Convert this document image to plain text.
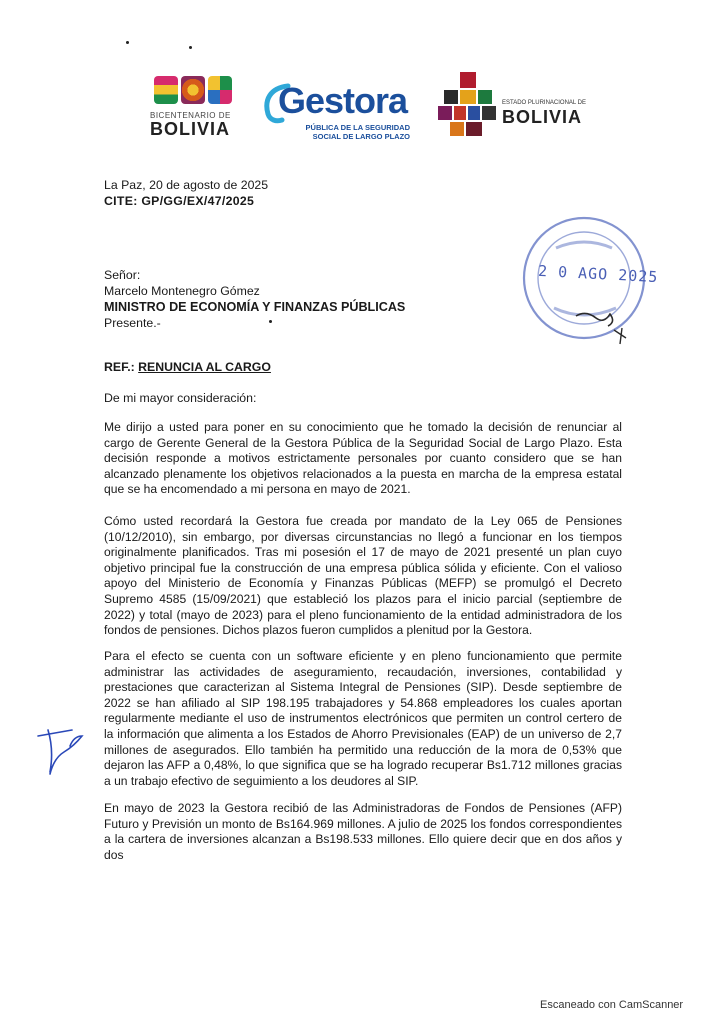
BICENTENARIO DE
BOLIVIA
Gestora
PÚBLICA DE LA SEGURIDAD
SOCIAL DE LARGO PLAZO
ESTADO PLURINACIONAL DE
BOLIVIA
La Paz, 20 de agosto de 2025
CITE: GP/GG/EX/47/2025
2 0 AGO 2025
Señor:
Marcelo Montenegro Gómez
MINISTRO DE ECONOMÍA Y FINANZAS PÚBLICAS
Presente.-
REF.: RENUNCIA AL CARGO
De mi mayor consideración:

Me dirijo a usted para poner en su conocimiento que he tomado la decisión de renunciar al cargo de Gerente General de la Gestora Pública de la Seguridad Social de Largo Plazo. Esta decisión responde a motivos estrictamente personales por cuanto considero que se han alcanzado plenamente los objetivos relacionados a la puesta en marcha de la empresa estatal que se ha encomendado a mi persona en mayo de 2021.

Cómo usted recordará la Gestora fue creada por mandato de la Ley 065 de Pensiones (10/12/2010), sin embargo, por diversas circunstancias no llegó a funcionar en los tiempos originalmente planificados. Tras mi posesión el 17 de mayo de 2021 presenté un plan cuyo objetivo principal fue la construcción de una empresa pública sólida y eficiente. Con el valioso apoyo del Ministerio de Economía y Finanzas Públicas (MEFP) se promulgó el Decreto Supremo 4585 (15/09/2021) que estableció los plazos para el inicio parcial (septiembre de 2022) y total (mayo de 2023) para el pleno funcionamiento de la entidad administradora de los fondos de pensiones. Dichos plazos fueron cumplidos a plenitud por la Gestora.

Para el efecto se cuenta con un software eficiente y en pleno funcionamiento que permite administrar las actividades de aseguramiento, recaudación, inversiones, contabilidad y prestaciones que caracterizan al Sistema Integral de Pensiones (SIP). Desde septiembre de 2022 se han afiliado al SIP 198.195 trabajadores y 54.868 empleadores los cuales aportan regularmente mediante el uso de instrumentos electrónicos que permiten un control certero de la información que alimenta a los Estados de Ahorro Previsionales (EAP) de un universo de 2,7 millones de asegurados. Ello también ha permitido una reducción de la mora de 0,53% que dejaron las AFP a 0,48%, lo que significa que se ha logrado recuperar Bs1.712 millones gracias a un trabajo efectivo de seguimiento a los deudores al SIP.

En mayo de 2023 la Gestora recibió de las Administradoras de Fondos de Pensiones (AFP) Futuro y Previsión un monto de Bs164.969 millones. A julio de 2025 los fondos correspondientes a la cartera de inversiones alcanzan a Bs198.533 millones. Ello quiere decir que en dos años y dos

Escaneado con CamScanner
